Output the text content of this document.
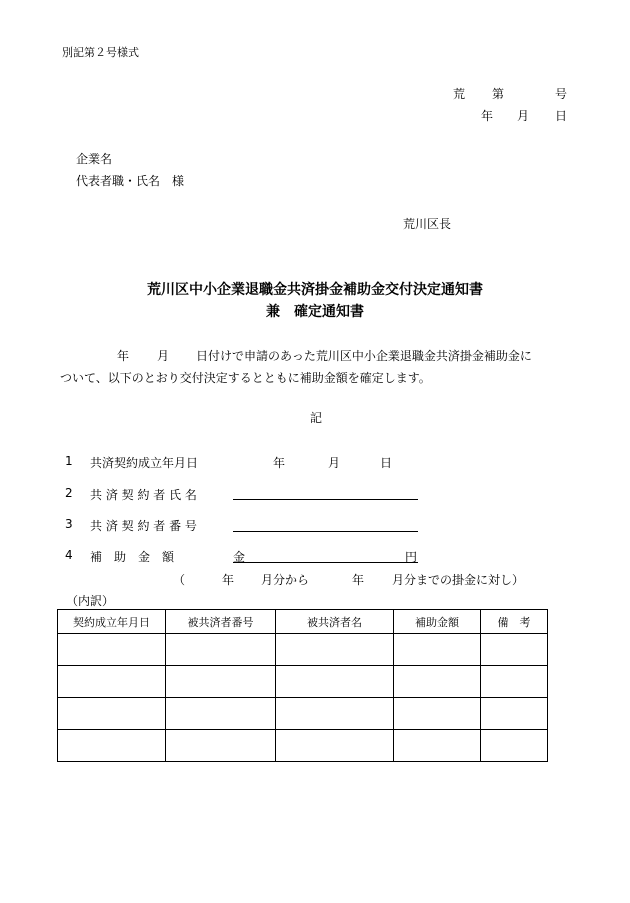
別記第２号様式
荒 第	号
年 月 日
企業名
代表者職・氏名　様
荒川区長
荒川区中小企業退職金共済掛金補助金交付決定通知書
兼　確定通知書
年 月 日付けで申請のあった荒川区中小企業退職金共済掛金補助金に
ついて、以下のとおり交付決定するとともに補助金額を確定します。
記
1 共済契約成立年月日	年	月	日
2 共 済 契 約 者 氏 名
3 共 済 契 約 者 番 号
4 補　助　金　額	金	円
（	年 月分から	年 月分までの掛金に対し）
（内訳）
契約成立年月日	被共済者番号	被共済者名	補助金額	備　考
